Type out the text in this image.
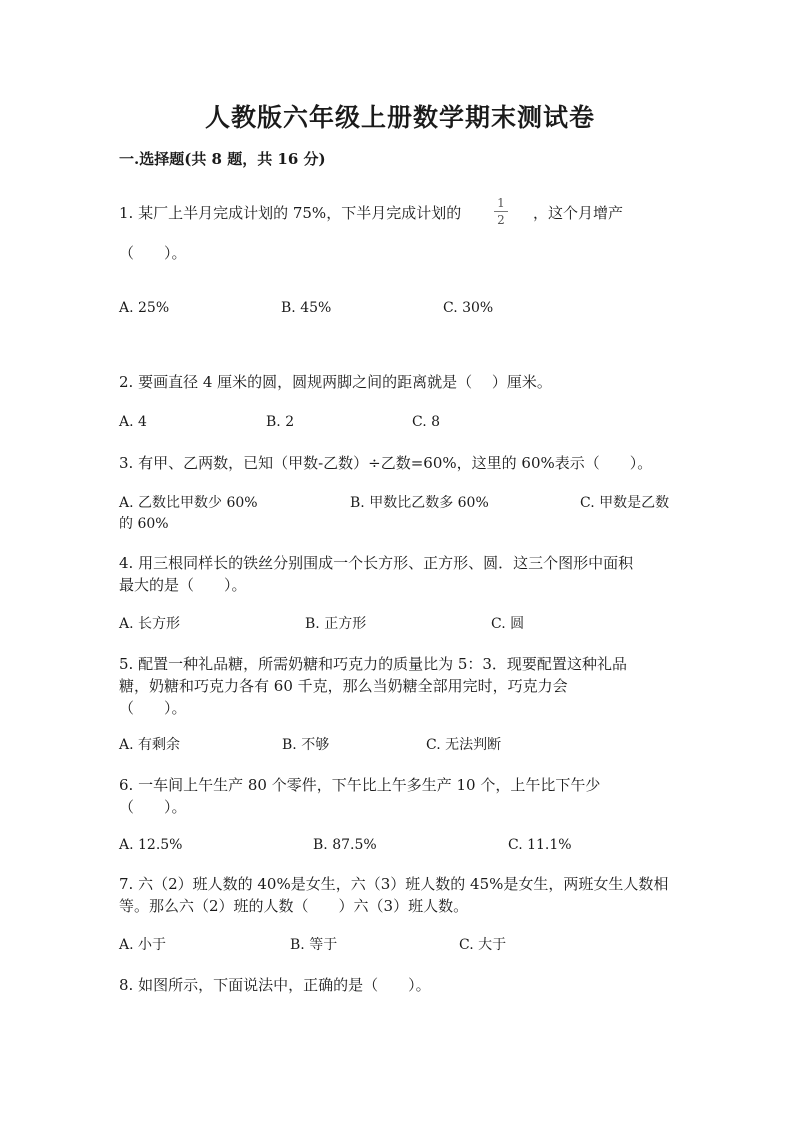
人教版六年级上册数学期末测试卷
一.选择题(共 8 题，共 16 分)
1. 某厂上半月完成计划的 75%，下半月完成计划的
1
2	，这个月增产
（　　）。
A. 25%	B. 45%	C. 30%
2. 要画直径 4 厘米的圆，圆规两脚之间的距离就是（　 ）厘米。
A. 4	B. 2	C. 8
3. 有甲、乙两数，已知（甲数-乙数）÷乙数=60%，这里的 60%表示（　　）。
A. 乙数比甲数少 60%	B. 甲数比乙数多 60%	C. 甲数是乙数
的 60%
4. 用三根同样长的铁丝分别围成一个长方形、正方形、圆．这三个图形中面积
最大的是（　　）。
A. 长方形	B. 正方形	C. 圆
5. 配置一种礼品糖，所需奶糖和巧克力的质量比为 5：3．现要配置这种礼品
糖，奶糖和巧克力各有 60 千克，那么当奶糖全部用完时，巧克力会
（　　）。
A. 有剩余	B. 不够	C. 无法判断
6. 一车间上午生产 80 个零件，下午比上午多生产 10 个，上午比下午少
（　　）。
A. 12.5%	B. 87.5%	C. 11.1%
7. 六（2）班人数的 40%是女生，六（3）班人数的 45%是女生，两班女生人数相
等。那么六（2）班的人数（　　）六（3）班人数。
A. 小于	B. 等于	C. 大于
8. 如图所示，下面说法中，正确的是（　　）。
